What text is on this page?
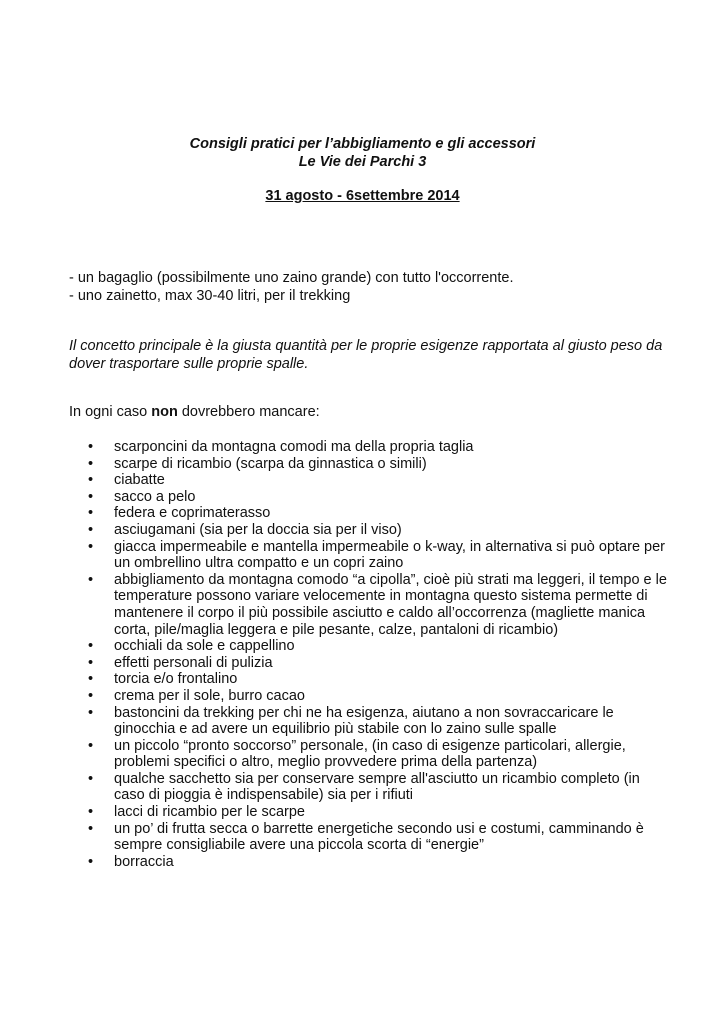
Consigli pratici per l’abbigliamento e gli accessori
Le Vie dei Parchi 3
31 agosto - 6settembre 2014
- un bagaglio (possibilmente uno zaino grande) con tutto l'occorrente.
- uno zainetto, max 30-40 litri, per il trekking
Il concetto principale è la giusta quantità per le proprie esigenze rapportata al giusto peso da dover trasportare sulle proprie spalle.
In ogni caso non dovrebbero mancare:
• scarponcini da montagna comodi ma della propria taglia
• scarpe di ricambio (scarpa da ginnastica o simili)
• ciabatte
• sacco a pelo
• federa e coprimaterasso
• asciugamani (sia per la doccia sia per il viso)
• giacca impermeabile e mantella impermeabile o k-way, in alternativa si può optare per un ombrellino ultra compatto e un copri zaino
• abbigliamento da montagna comodo “a cipolla”, cioè più strati ma leggeri, il tempo e le temperature possono variare velocemente in montagna questo sistema permette di mantenere il corpo il più possibile asciutto e caldo all’occorrenza (magliette manica corta, pile/maglia leggera e pile pesante, calze, pantaloni di ricambio)
• occhiali da sole e cappellino
• effetti personali di pulizia
• torcia e/o frontalino
• crema per il sole, burro cacao
• bastoncini da trekking per chi ne ha esigenza, aiutano a non sovraccaricare le ginocchia e ad avere un equilibrio più stabile con lo zaino sulle spalle
• un piccolo “pronto soccorso” personale, (in caso di esigenze particolari, allergie, problemi specifici o altro, meglio provvedere prima della partenza)
• qualche sacchetto sia per conservare sempre all'asciutto un ricambio completo (in caso di pioggia è indispensabile) sia per i rifiuti
• lacci di ricambio per le scarpe
• un po’ di frutta secca o barrette energetiche secondo usi e costumi, camminando è sempre consigliabile avere una piccola scorta di “energie”
• borraccia
